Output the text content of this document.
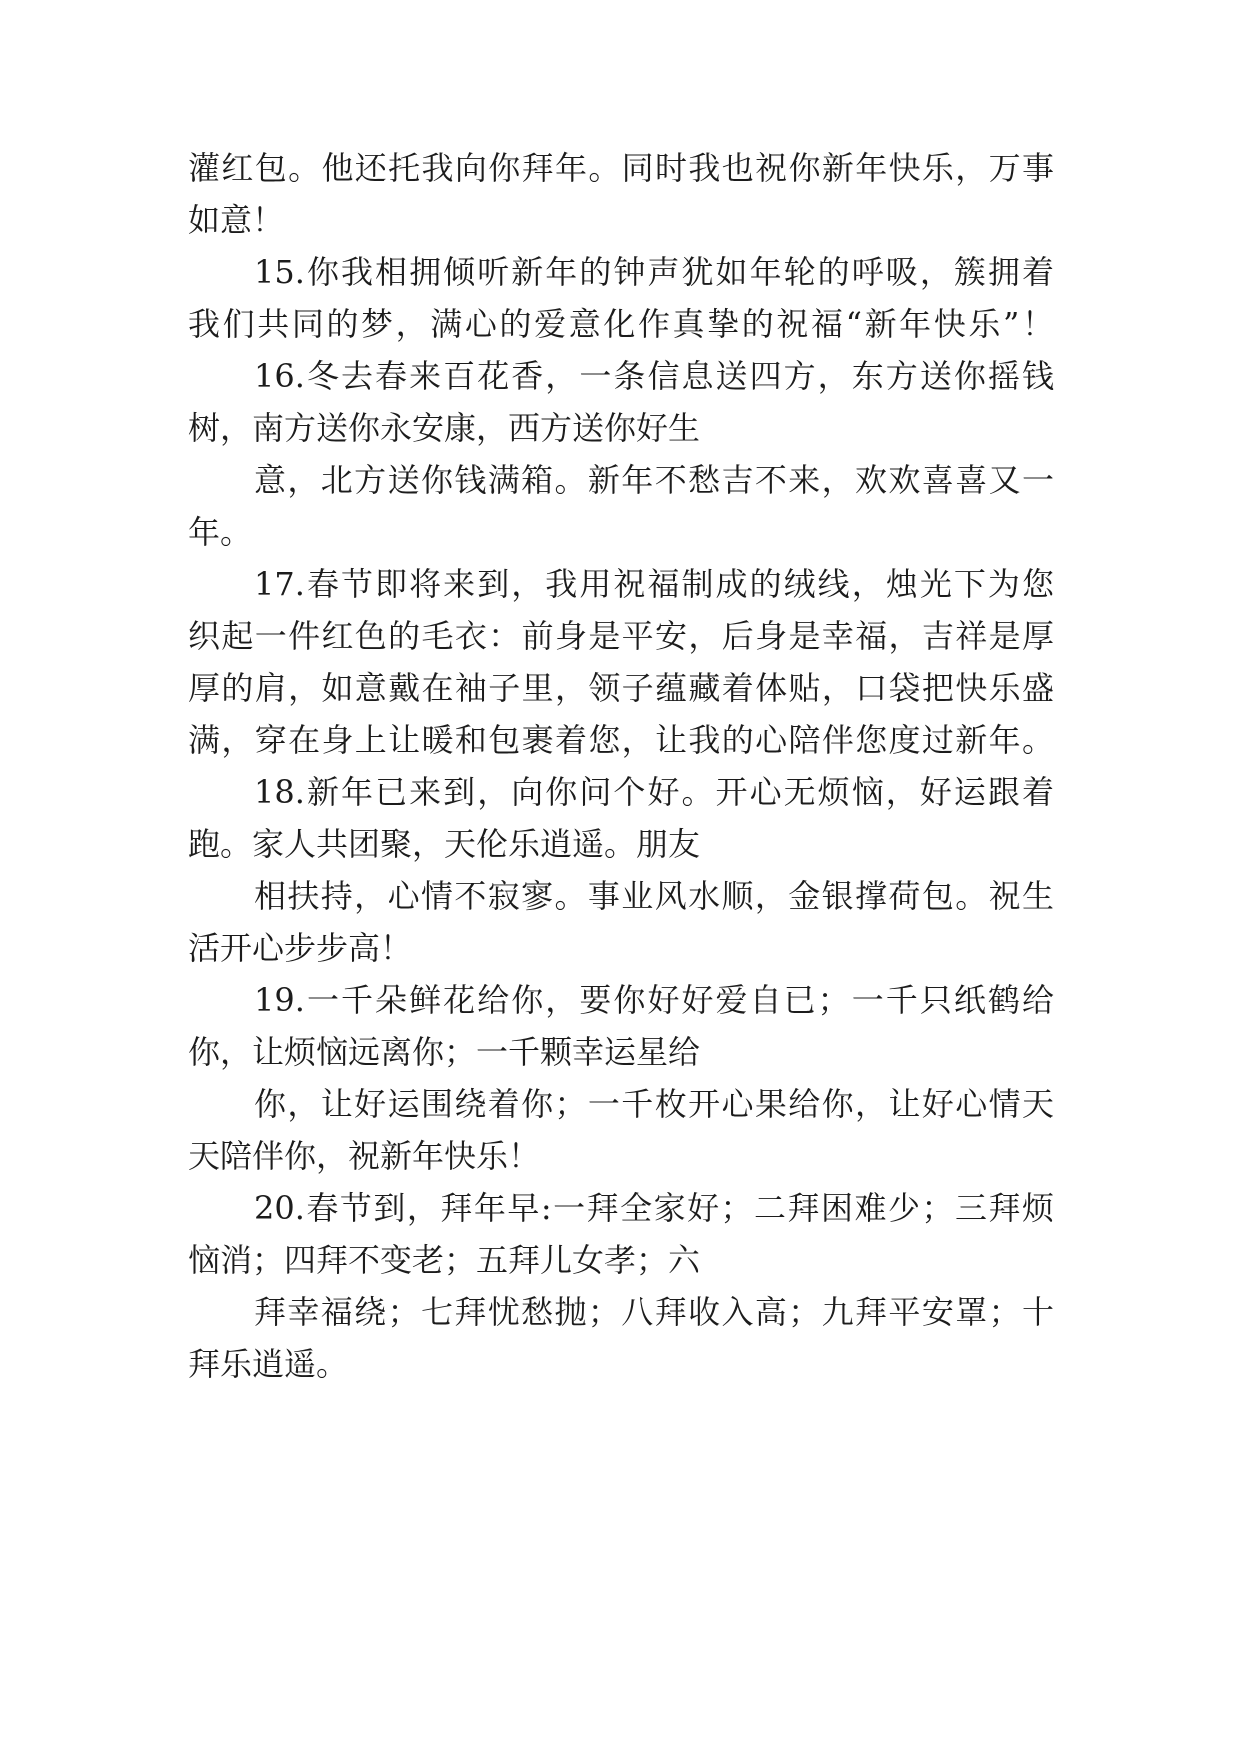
灌红包。他还托我向你拜年。同时我也祝你新年快乐，万事

如意！

15.你我相拥倾听新年的钟声犹如年轮的呼吸，簇拥着

我们共同的梦，满心的爱意化作真挚的祝福“新年快乐”！

16.冬去春来百花香，一条信息送四方，东方送你摇钱

树，南方送你永安康，西方送你好生

意，北方送你钱满箱。新年不愁吉不来，欢欢喜喜又一

年。

17.春节即将来到，我用祝福制成的绒线，烛光下为您

织起一件红色的毛衣：前身是平安，后身是幸福，吉祥是厚

厚的肩，如意戴在袖子里，领子蕴藏着体贴，口袋把快乐盛

满，穿在身上让暖和包裹着您，让我的心陪伴您度过新年。

18.新年已来到，向你问个好。开心无烦恼，好运跟着

跑。家人共团聚，天伦乐逍遥。朋友

相扶持，心情不寂寥。事业风水顺，金银撑荷包。祝生

活开心步步高！

19.一千朵鲜花给你，要你好好爱自已；一千只纸鹤给

你，让烦恼远离你；一千颗幸运星给

你，让好运围绕着你；一千枚开心果给你，让好心情天

天陪伴你，祝新年快乐！

20.春节到，拜年早:一拜全家好；二拜困难少；三拜烦

恼消；四拜不变老；五拜儿女孝；六

拜幸福绕；七拜忧愁抛；八拜收入高；九拜平安罩；十

拜乐逍遥。
